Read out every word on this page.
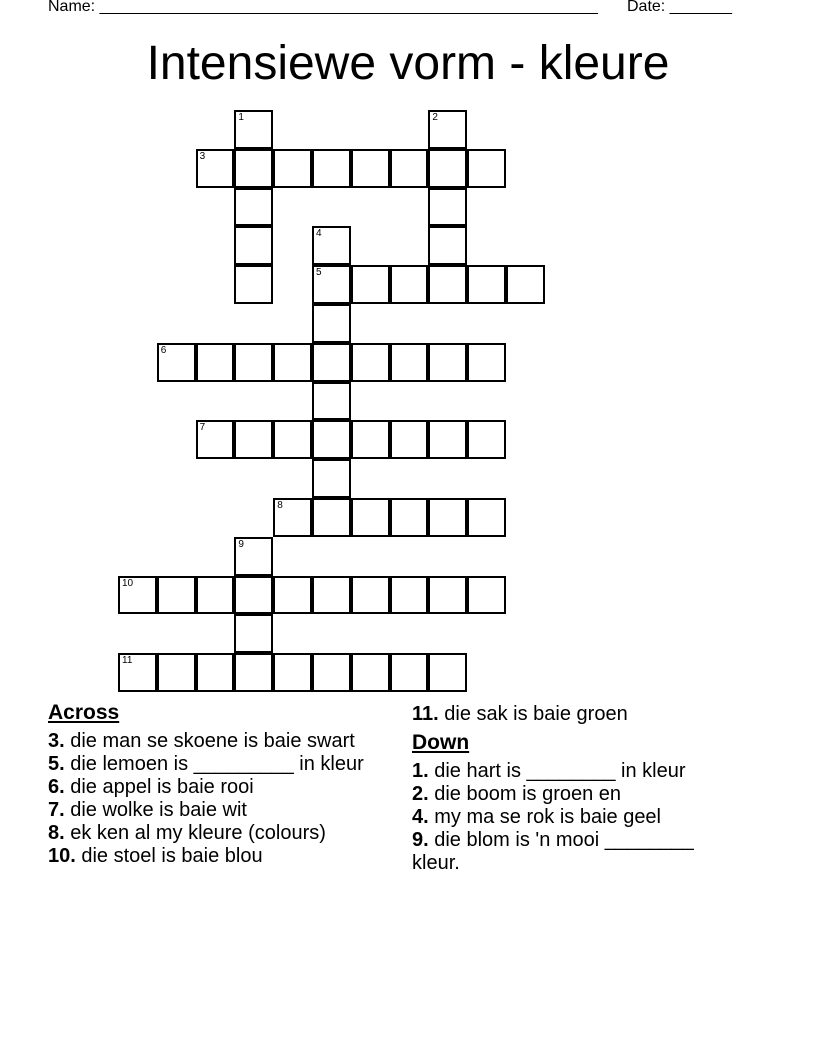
Name: ________________________________________________________ Date: _______
Intensiewe vorm - kleure
1	2
3
4
5
6
7
8
9
10
11
Across
3. die man se skoene is baie swart
5. die lemoen is _________ in kleur
6. die appel is baie rooi
7. die wolke is baie wit
8. ek ken al my kleure (colours)
10. die stoel is baie blou
11. die sak is baie groen
Down
1. die hart is ________ in kleur
2. die boom is groen en
4. my ma se rok is baie geel
9. die blom is 'n mooi ________ kleur.
